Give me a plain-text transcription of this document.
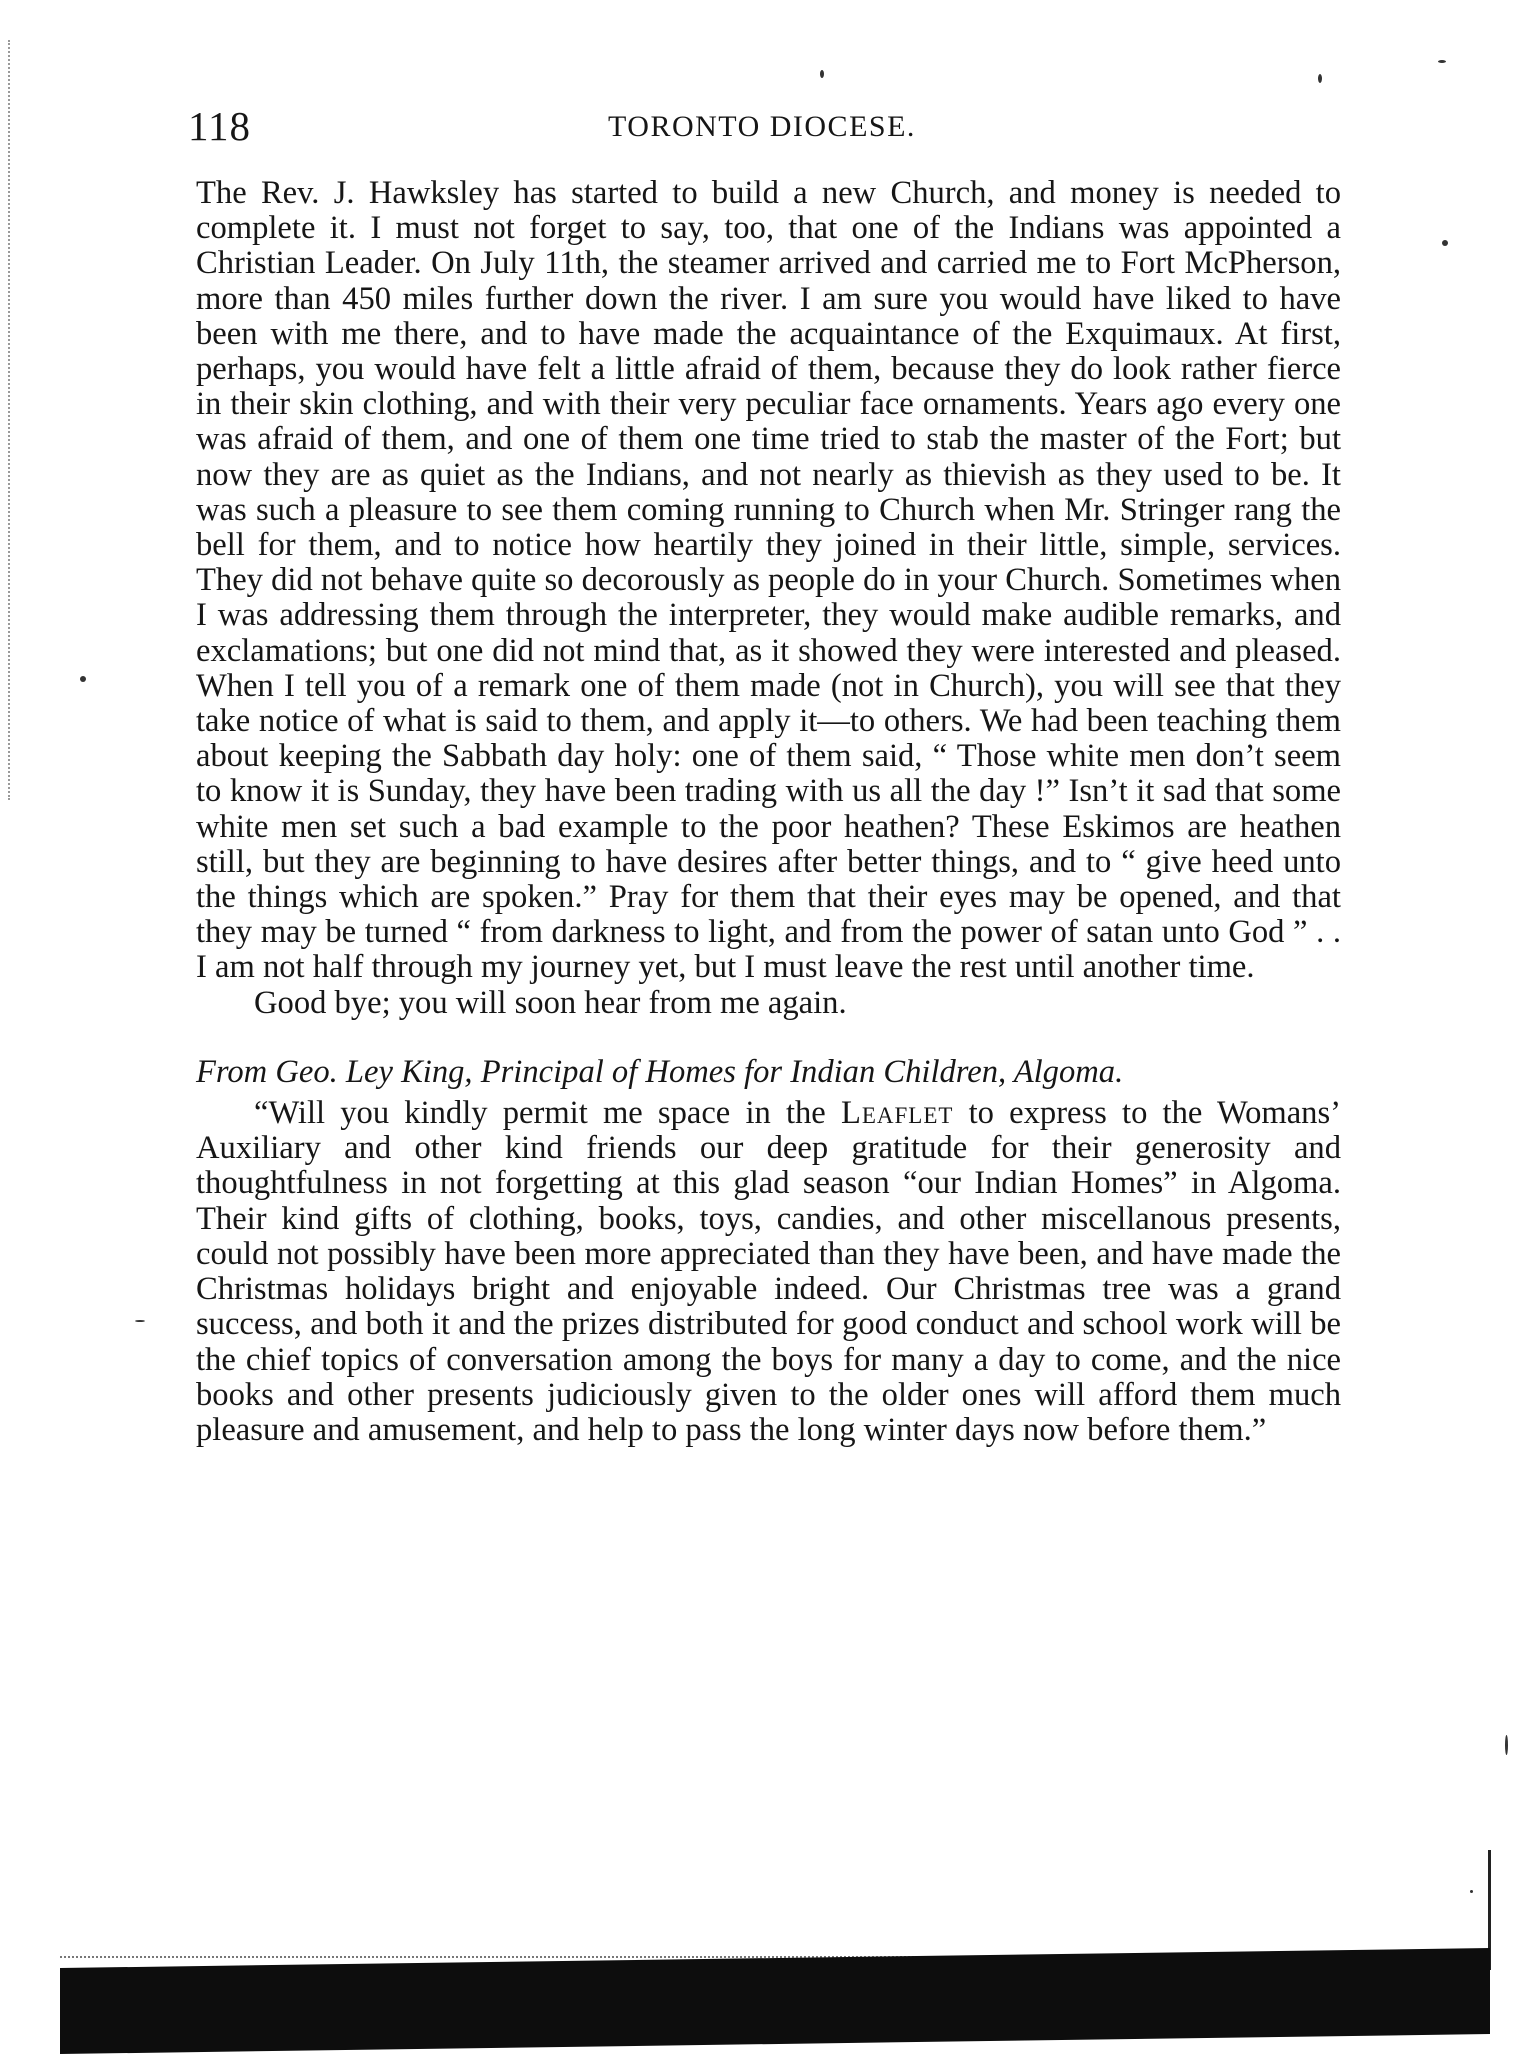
118	TORONTO DIOCESE.

The Rev. J. Hawksley has started to build a new Church, and money is needed to complete it. I must not forget to say, too, that one of the Indians was appointed a Christian Leader. On July 11th, the steamer arrived and carried me to Fort McPherson, more than 450 miles further down the river. I am sure you would have liked to have been with me there, and to have made the acquaintance of the Exquimaux. At first, perhaps, you would have felt a little afraid of them, because they do look rather fierce in their skin clothing, and with their very peculiar face ornaments. Years ago every one was afraid of them, and one of them one time tried to stab the master of the Fort; but now they are as quiet as the Indians, and not nearly as thievish as they used to be. It was such a pleasure to see them coming running to Church when Mr. Stringer rang the bell for them, and to notice how heartily they joined in their little, simple, services. They did not behave quite so decorously as people do in your Church. Sometimes when I was addressing them through the interpreter, they would make audible remarks, and exclamations; but one did not mind that, as it showed they were interested and pleased. When I tell you of a remark one of them made (not in Church), you will see that they take notice of what is said to them, and apply it—to others. We had been teaching them about keeping the Sabbath day holy: one of them said, “ Those white men don’t seem to know it is Sunday, they have been trading with us all the day !” Isn’t it sad that some white men set such a bad example to the poor heathen? These Eskimos are heathen still, but they are beginning to have desires after better things, and to “ give heed unto the things which are spoken.” Pray for them that their eyes may be opened, and that they may be turned “ from darkness to light, and from the power of satan unto God ” . . I am not half through my journey yet, but I must leave the rest until another time.

Good bye; you will soon hear from me again.

From Geo. Ley King, Principal of Homes for Indian Children, Algoma.

“Will you kindly permit me space in the Leaflet to express to the Womans’ Auxiliary and other kind friends our deep gratitude for their generosity and thoughtfulness in not forgetting at this glad season “our Indian Homes” in Algoma. Their kind gifts of clothing, books, toys, candies, and other miscellanous presents, could not possibly have been more appreciated than they have been, and have made the Christmas holidays bright and enjoyable indeed. Our Christmas tree was a grand success, and both it and the prizes distributed for good conduct and school work will be the chief topics of conversation among the boys for many a day to come, and the nice books and other presents judiciously given to the older ones will afford them much pleasure and amusement, and help to pass the long winter days now before them.”
